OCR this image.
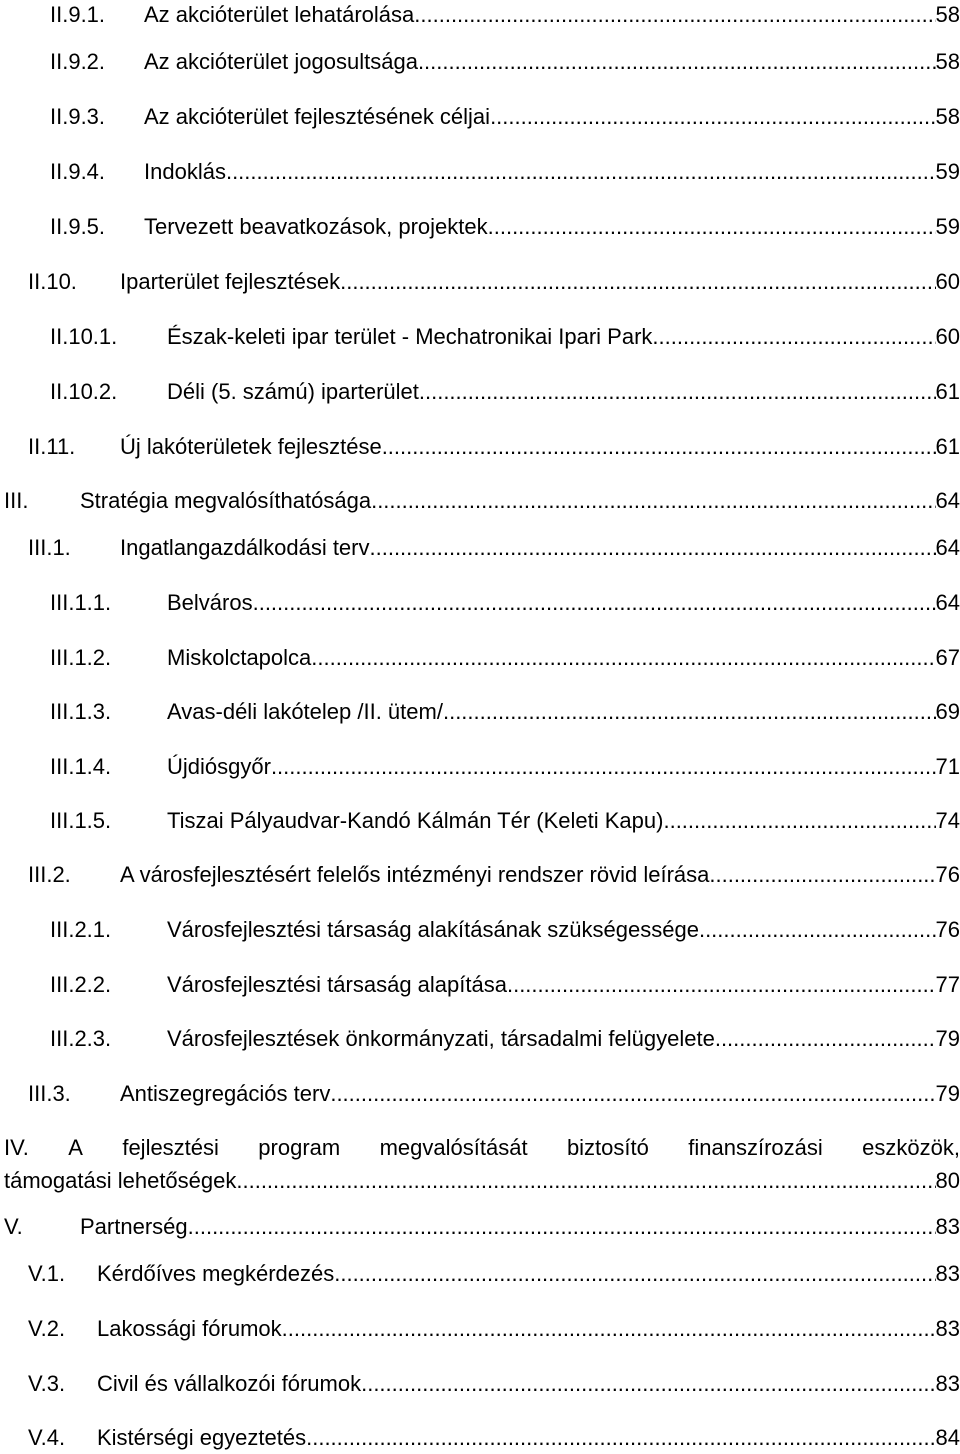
II.9.1. Az akcióterület lehatárolása .....	58
II.9.2. Az akcióterület jogosultsága .....	58
II.9.3. Az akcióterület fejlesztésének céljai .....	58
II.9.4. Indoklás .....	59
II.9.5. Tervezett beavatkozások, projektek .....	59
II.10. Iparterület fejlesztések .....	60
II.10.1. Észak-keleti ipar terület - Mechatronikai Ipari Park .....	60
II.10.2. Déli (5. számú) iparterület .....	61
II.11. Új lakóterületek fejlesztése .....	61
III. Stratégia megvalósíthatósága .....	64
III.1. Ingatlangazdálkodási terv .....	64
III.1.1.	Belváros .....	64
III.1.2.	Miskolctapolca .....	67
III.1.3.	Avas-déli lakótelep /II. ütem/ .....	69
III.1.4.	Újdiósgyőr .....	71
III.1.5.	Tiszai Pályaudvar-Kandó Kálmán Tér (Keleti Kapu) .....	74
III.2. A városfejlesztésért felelős intézményi rendszer rövid leírása .....	76
III.2.1.	Városfejlesztési társaság alakításának szükségessége .....	76
III.2.2.	Városfejlesztési társaság alapítása .....	77
III.2.3.	Városfejlesztések önkormányzati, társadalmi felügyelete .....	79
III.3. Antiszegregációs terv .....	79
IV. A fejlesztési program megvalósítását biztosító finanszírozási eszközök,
támogatási lehetőségek .....	80
V.	Partnerség .....	83
V.1. Kérdőíves megkérdezés .....	83
V.2. Lakossági fórumok .....	83
V.3. Civil és vállalkozói fórumok .....	83
V.4. Kistérségi egyeztetés .....	84
